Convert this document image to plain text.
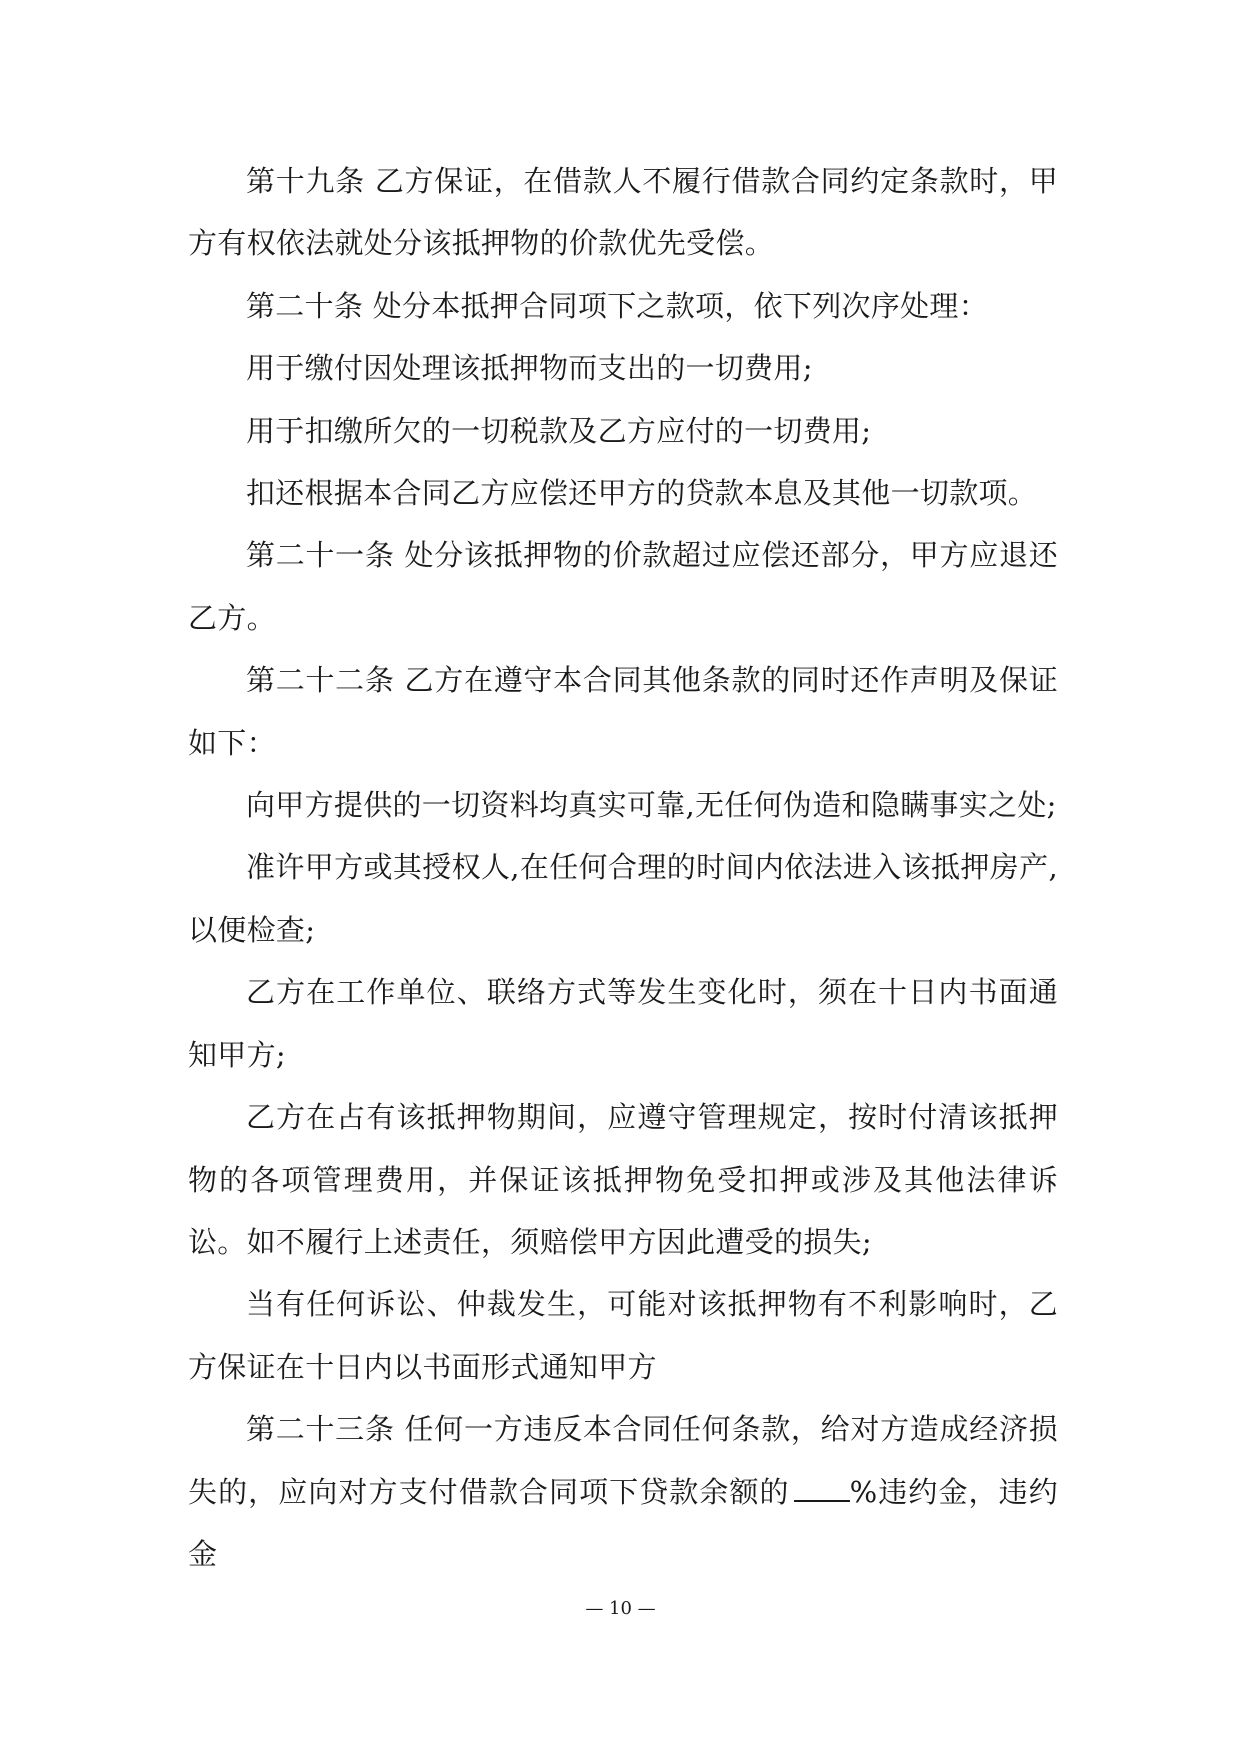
第十九条 乙方保证，在借款人不履行借款合同约定条款时，甲方有权依法就处分该抵押物的价款优先受偿。

第二十条 处分本抵押合同项下之款项，依下列次序处理：

用于缴付因处理该抵押物而支出的一切费用;

用于扣缴所欠的一切税款及乙方应付的一切费用;

扣还根据本合同乙方应偿还甲方的贷款本息及其他一切款项。

第二十一条 处分该抵押物的价款超过应偿还部分，甲方应退还乙方。

第二十二条 乙方在遵守本合同其他条款的同时还作声明及保证如下：

向甲方提供的一切资料均真实可靠,无任何伪造和隐瞒事实之处;

准许甲方或其授权人,在任何合理的时间内依法进入该抵押房产,以便检查;

乙方在工作单位、联络方式等发生变化时，须在十日内书面通知甲方;

乙方在占有该抵押物期间，应遵守管理规定，按时付清该抵押物的各项管理费用，并保证该抵押物免受扣押或涉及其他法律诉讼。如不履行上述责任，须赔偿甲方因此遭受的损失;

当有任何诉讼、仲裁发生，可能对该抵押物有不利影响时，乙方保证在十日内以书面形式通知甲方

第二十三条 任何一方违反本合同任何条款，给对方造成经济损失的，应向对方支付借款合同项下贷款余额的 %违约金，违约金

— 10 —
